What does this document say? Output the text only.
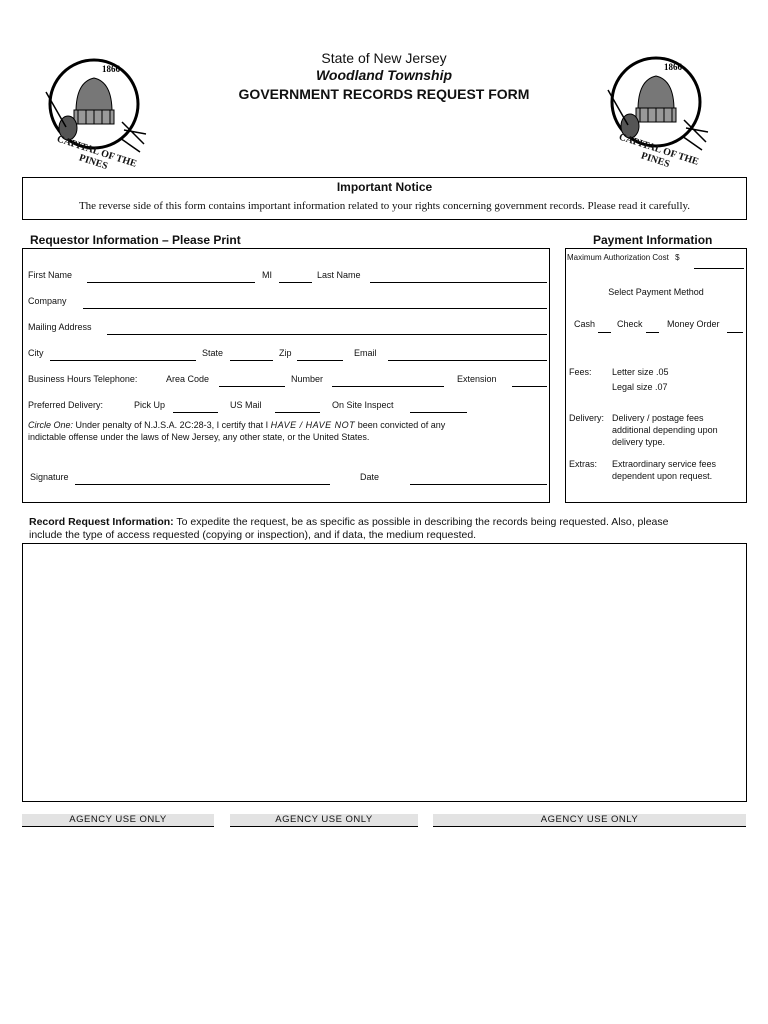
1866
CAPITAL OF THE PINES
1866
CAPITAL OF THE PINES
State of New Jersey
Woodland Township
GOVERNMENT RECORDS REQUEST FORM
Important Notice
The reverse side of this form contains important information related to your rights concerning government records. Please read it carefully.
Requestor Information – Please Print	Payment Information
First Name	MI	Last Name
Company
Mailing Address
City	State	Zip	Email
Business Hours Telephone:	Area Code	Number	Extension
Preferred Delivery:	Pick Up	US Mail	On Site Inspect
Circle One: Under penalty of N.J.S.A. 2C:28-3, I certify that I HAVE / HAVE NOT been convicted of any
indictable offense under the laws of New Jersey, any other state, or the United States.
Signature	Date
Maximum Authorization Cost $
Select Payment Method
Cash Check	Money Order
Fees: Letter size .05
Legal size .07
Delivery: Delivery / postage fees
additional depending upon
delivery type.
Extras: Extraordinary service fees
dependent upon request.
Record Request Information: To expedite the request, be as specific as possible in describing the records being requested. Also, please
include the type of access requested (copying or inspection), and if data, the medium requested.
AGENCY USE ONLY	AGENCY USE ONLY	AGENCY USE ONLY
